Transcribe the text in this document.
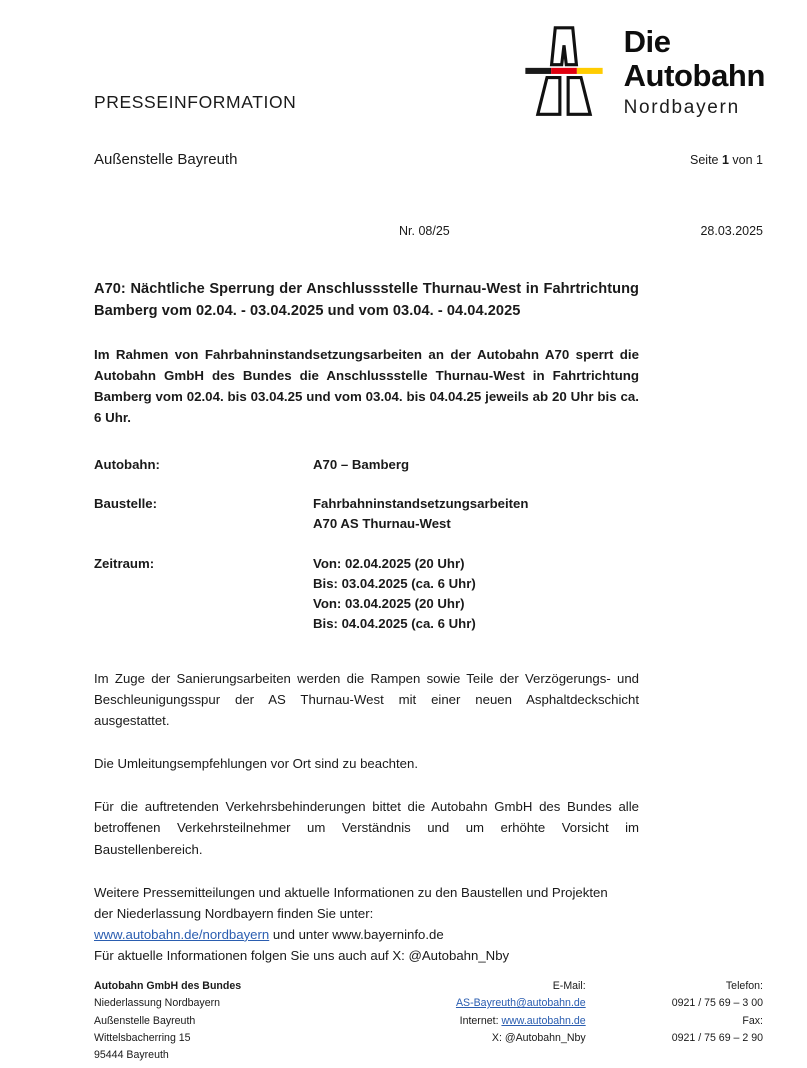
Die
Autobahn
Nordbayern
PRESSEINFORMATION
Außenstelle Bayreuth	Seite 1 von 1
Nr. 08/25	28.03.2025
A70: Nächtliche Sperrung der Anschlussstelle Thurnau-West in Fahrtrichtung Bamberg vom 02.04. - 03.04.2025 und vom 03.04. - 04.04.2025

Im Rahmen von Fahrbahninstandsetzungsarbeiten an der Autobahn A70 sperrt die Autobahn GmbH des Bundes die Anschlussstelle Thurnau-West in Fahrtrichtung Bamberg vom 02.04. bis 03.04.25 und vom 03.04. bis 04.04.25 jeweils ab 20 Uhr bis ca. 6 Uhr.

Autobahn:	A70 – Bamberg
Baustelle:	Fahrbahninstandsetzungsarbeiten
A70 AS Thurnau-West
Zeitraum:	Von: 02.04.2025 (20 Uhr)
Bis: 03.04.2025 (ca. 6 Uhr)
Von: 03.04.2025 (20 Uhr)
Bis: 04.04.2025 (ca. 6 Uhr)

Im Zuge der Sanierungsarbeiten werden die Rampen sowie Teile der Verzögerungs- und Beschleunigungsspur der AS Thurnau-West mit einer neuen Asphaltdeckschicht ausgestattet.

Die Umleitungsempfehlungen vor Ort sind zu beachten.

Für die auftretenden Verkehrsbehinderungen bittet die Autobahn GmbH des Bundes alle betroffenen Verkehrsteilnehmer um Verständnis und um erhöhte Vorsicht im Baustellenbereich.

Weitere Pressemitteilungen und aktuelle Informationen zu den Baustellen und Projekten
der Niederlassung Nordbayern finden Sie unter:
www.autobahn.de/nordbayern und unter www.bayerninfo.de
Für aktuelle Informationen folgen Sie uns auch auf X: @Autobahn_Nby

Autobahn GmbH des Bundes
Niederlassung Nordbayern
Außenstelle Bayreuth
Wittelsbacherring 15
95444 Bayreuth
E-Mail:
AS-Bayreuth@autobahn.de
Internet: www.autobahn.de
X: @Autobahn_Nby
Telefon:
0921 / 75 69 – 3 00
Fax:
0921 / 75 69 – 2 90
